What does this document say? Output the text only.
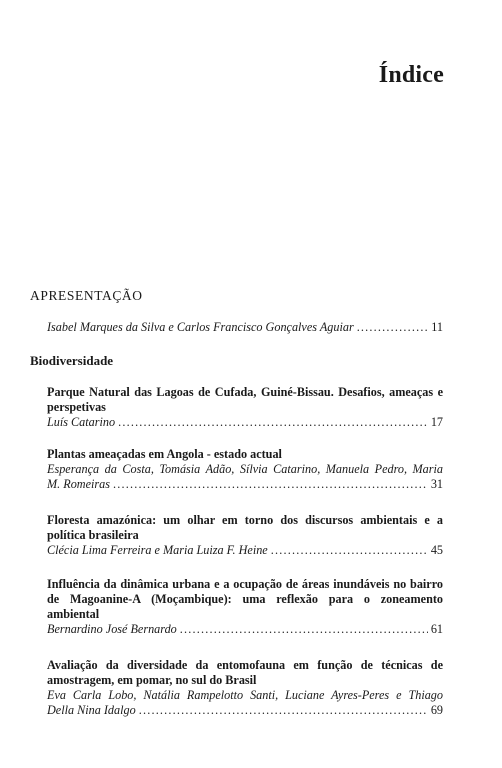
Índice
APRESENTAÇÃO
Isabel Marques da Silva e Carlos Francisco Gonçalves Aguiar .....	11
Biodiversidade
Parque Natural das Lagoas de Cufada, Guiné-Bissau. Desafios, ameaças e perspetivas
Luís Catarino .....	17
Plantas ameaçadas em Angola - estado actual
Esperança da Costa, Tomásia Adão, Sílvia Catarino, Manuela Pedro, Maria
M. Romeiras .....	31
Floresta amazónica: um olhar em torno dos discursos ambientais e a política brasileira
Clécia Lima Ferreira e Maria Luiza F. Heine .....	45
Influência da dinâmica urbana e a ocupação de áreas inundáveis no bairro de Magoanine-A (Moçambique): uma reflexão para o zoneamento ambiental
Bernardino José Bernardo .....	61
Avaliação da diversidade da entomofauna em função de técnicas de amostragem, em pomar, no sul do Brasil
Eva Carla Lobo, Natália Rampelotto Santi, Luciane Ayres-Peres e Thiago
Della Nina Idalgo .....	69
